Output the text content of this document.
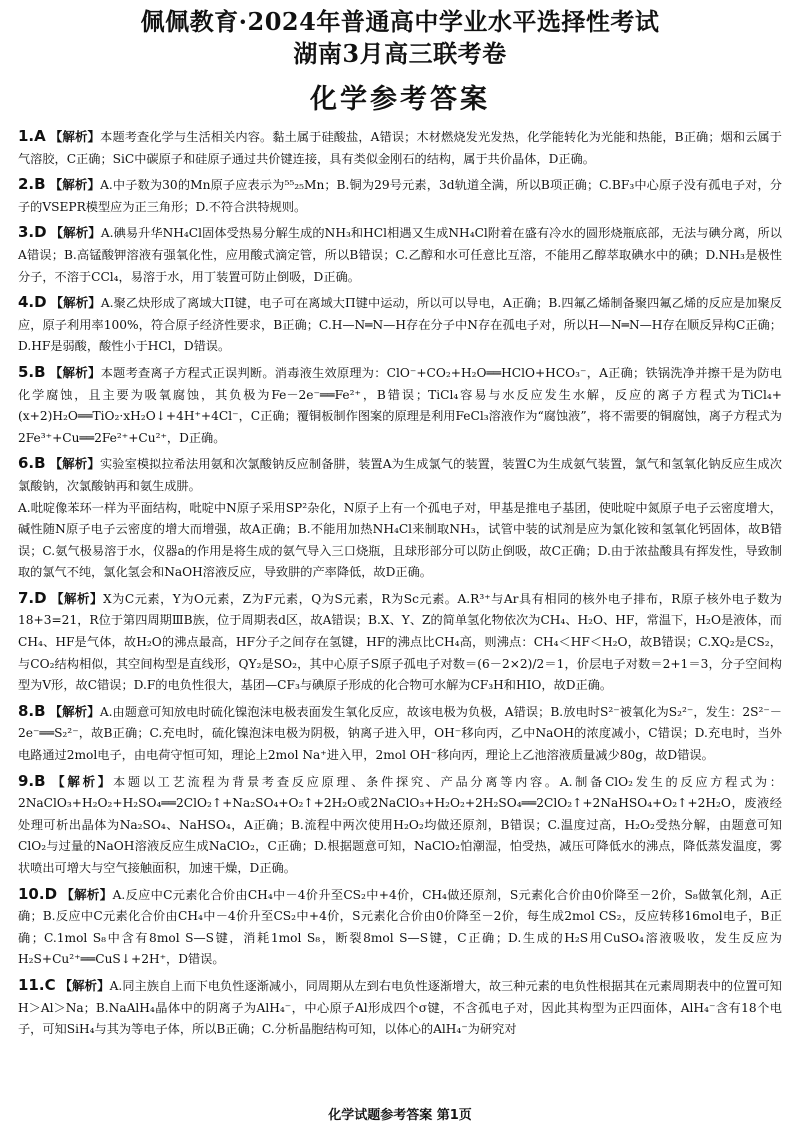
佩佩教育·2024年普通高中学业水平选择性考试
湖南3月高三联考卷
化学参考答案

1.A 【解析】本题考查化学与生活相关内容。黏土属于硅酸盐，A错误；木材燃烧发光发热，化学能转化为光能和热能，B正确；烟和云属于气溶胶，C正确；SiC中碳原子和硅原子通过共价键连接，具有类似金刚石的结构，属于共价晶体，D正确。

2.B 【解析】A.中子数为30的Mn原子应表示为⁵⁵₂₅Mn；B.铜为29号元素，3d轨道全满，所以B项正确；C.BF₃中心原子没有孤电子对，分子的VSEPR模型应为正三角形；D.不符合洪特规则。

3.D 【解析】A.碘易升华NH₄Cl固体受热易分解生成的NH₃和HCl相遇又生成NH₄Cl附着在盛有冷水的圆形烧瓶底部，无法与碘分离，所以A错误；B.高锰酸钾溶液有强氧化性，应用酸式滴定管，所以B错误；C.乙醇和水可任意比互溶，不能用乙醇萃取碘水中的碘；D.NH₃是极性分子，不溶于CCl₄，易溶于水，用丁装置可防止倒吸，D正确。

4.D 【解析】A.聚乙炔形成了离域大Π键，电子可在离域大Π键中运动，所以可以导电，A正确；B.四氟乙烯制备聚四氟乙烯的反应是加聚反应，原子利用率100%，符合原子经济性要求，B正确；C.H—N═N—H存在分子中N存在孤电子对，所以H—N═N—H存在顺反异构C正确；D.HF是弱酸，酸性小于HCl，D错误。

5.B 【解析】本题考查离子方程式正误判断。消毒液生效原理为：ClO⁻+CO₂+H₂O══HClO+HCO₃⁻，A正确；铁锅洗净并擦干是为防电化学腐蚀，且主要为吸氧腐蚀，其负极为Fe－2e⁻══Fe²⁺，B错误；TiCl₄容易与水反应发生水解，反应的离子方程式为TiCl₄+(x+2)H₂O══TiO₂·xH₂O↓+4H⁺+4Cl⁻，C正确；覆铜板制作图案的原理是利用FeCl₃溶液作为“腐蚀液”，将不需要的铜腐蚀，离子方程式为2Fe³⁺+Cu══2Fe²⁺+Cu²⁺，D正确。

6.B 【解析】实验室模拟拉希法用氨和次氯酸钠反应制备肼，装置A为生成氯气的装置，装置C为生成氨气装置，氯气和氢氧化钠反应生成次氯酸钠，次氯酸钠再和氨生成肼。
A.吡啶像苯环一样为平面结构，吡啶中N原子采用SP²杂化，N原子上有一个孤电子对，甲基是推电子基团，使吡啶中氮原子电子云密度增大，碱性随N原子电子云密度的增大而增强，故A正确；B.不能用加热NH₄Cl来制取NH₃，试管中装的试剂是应为氯化铵和氢氧化钙固体，故B错误；C.氨气极易溶于水，仪器a的作用是将生成的氨气导入三口烧瓶，且球形部分可以防止倒吸，故C正确；D.由于浓盐酸具有挥发性，导致制取的氯气不纯，氯化氢会和NaOH溶液反应，导致肼的产率降低，故D正确。

7.D 【解析】X为C元素，Y为O元素，Z为F元素，Q为S元素，R为Sc元素。A.R³⁺与Ar具有相同的核外电子排布，R原子核外电子数为18+3=21，R位于第四周期ⅢB族，位于周期表d区，故A错误；B.X、Y、Z的简单氢化物依次为CH₄、H₂O、HF，常温下，H₂O是液体，而CH₄、HF是气体，故H₂O的沸点最高，HF分子之间存在氢键，HF的沸点比CH₄高，则沸点：CH₄＜HF＜H₂O，故B错误；C.XQ₂是CS₂，与CO₂结构相似，其空间构型是直线形，QY₂是SO₂，其中心原子S原子孤电子对数＝(6－2×2)/2＝1，价层电子对数＝2+1＝3，分子空间构型为V形，故C错误；D.F的电负性很大，基团—CF₃与碘原子形成的化合物可水解为CF₃H和HIO，故D正确。

8.B 【解析】A.由题意可知放电时硫化镍泡沫电极表面发生氧化反应，故该电极为负极，A错误；B.放电时S²⁻被氧化为S₂²⁻，发生：2S²⁻－2e⁻══S₂²⁻，故B正确；C.充电时，硫化镍泡沫电极为阴极，钠离子进入甲，OH⁻移向丙，乙中NaOH的浓度减小，C错误；D.充电时，当外电路通过2mol电子，由电荷守恒可知，理论上2mol Na⁺进入甲，2mol OH⁻移向丙，理论上乙池溶液质量减少80g，故D错误。

9.B 【解析】本题以工艺流程为背景考查反应原理、条件探究、产品分离等内容。A.制备ClO₂发生的反应方程式为：2NaClO₃+H₂O₂+H₂SO₄══2ClO₂↑+Na₂SO₄+O₂↑+2H₂O或2NaClO₃+H₂O₂+2H₂SO₄══2ClO₂↑+2NaHSO₄+O₂↑+2H₂O，废液经处理可析出晶体为Na₂SO₄、NaHSO₄，A正确；B.流程中两次使用H₂O₂均做还原剂，B错误；C.温度过高，H₂O₂受热分解，由题意可知ClO₂与过量的NaOH溶液反应生成NaClO₂，C正确；D.根据题意可知，NaClO₂怕潮湿，怕受热，减压可降低水的沸点，降低蒸发温度，雾状喷出可增大与空气接触面积，加速干燥，D正确。

10.D 【解析】A.反应中C元素化合价由CH₄中－4价升至CS₂中+4价，CH₄做还原剂，S元素化合价由0价降至－2价，S₈做氧化剂，A正确；B.反应中C元素化合价由CH₄中－4价升至CS₂中+4价，S元素化合价由0价降至－2价，每生成2mol CS₂，反应转移16mol电子，B正确；C.1mol S₈中含有8mol S—S键，消耗1mol S₈，断裂8mol S—S键，C正确；D.生成的H₂S用CuSO₄溶液吸收，发生反应为H₂S+Cu²⁺══CuS↓+2H⁺，D错误。

11.C 【解析】A.同主族自上而下电负性逐渐减小，同周期从左到右电负性逐渐增大，故三种元素的电负性根据其在元素周期表中的位置可知H＞Al＞Na；B.NaAlH₄晶体中的阴离子为AlH₄⁻，中心原子Al形成四个σ键，不含孤电子对，因此其构型为正四面体，AlH₄⁻含有18个电子，可知SiH₄与其为等电子体，所以B正确；C.分析晶胞结构可知，以体心的AlH₄⁻为研究对

化学试题参考答案 第1页
